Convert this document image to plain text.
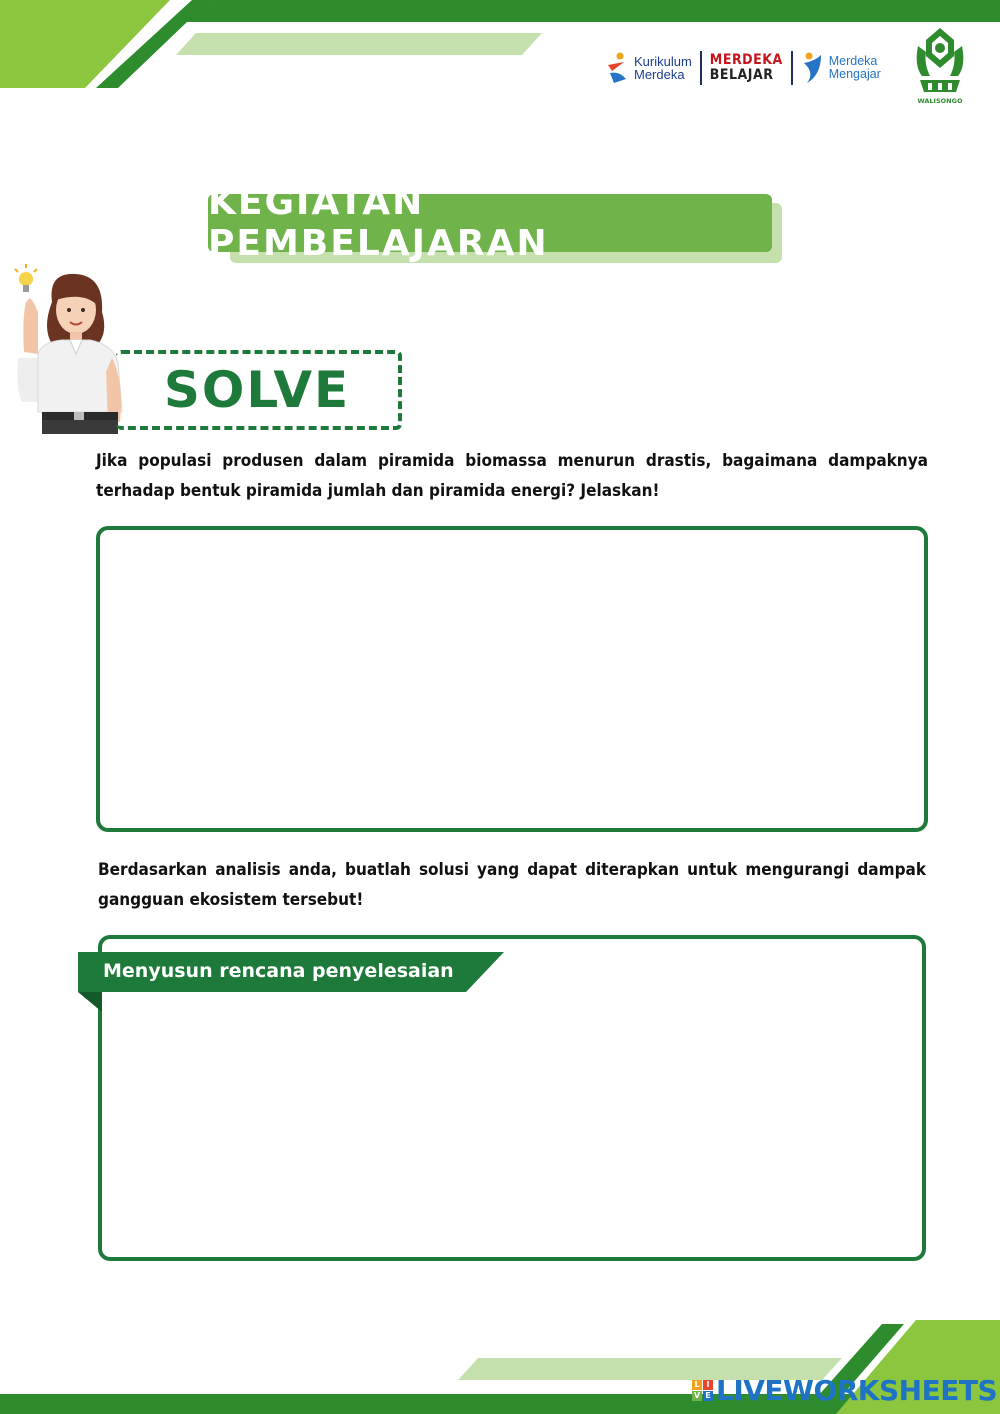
Kurikulum
Merdeka
MERDEKA
BELAJAR
Merdeka
Mengajar
WALISONGO
KEGIATAN PEMBELAJARAN
SOLVE

Jika populasi produsen dalam piramida biomassa menurun drastis, bagaimana dampaknya terhadap bentuk piramida jumlah dan piramida energi? Jelaskan!

Berdasarkan analisis anda, buatlah solusi yang dapat diterapkan untuk mengurangi dampak gangguan ekosistem tersebut!

Menyusun rencana penyelesaian
L I
V E LIVEWORKSHEETS
